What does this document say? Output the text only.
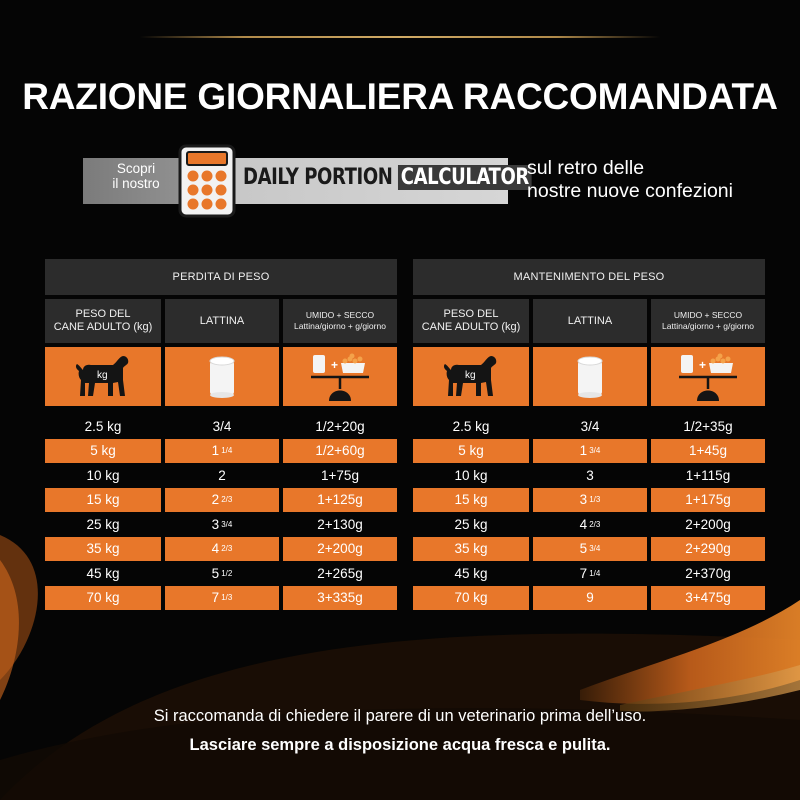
RAZIONE GIORNALIERA RACCOMANDATA
Scopri
il nostro	DAILY PORTION CALCULATOR
sul retro delle
nostre nuove confezioni
PERDITA DI PESO
PESO DEL
CANE ADULTO (kg)
LATTINA	UMIDO + SECCO
Lattina/giorno + g/giorno
kg
+
2.5 kg	3/4	1/2+20g
5 kg	1 1/4	1/2+60g
10 kg	2	1+75g
15 kg	2 2/3	1+125g
25 kg	3 3/4	2+130g
35 kg	4 2/3	2+200g
45 kg	5 1/2	2+265g
70 kg	7 1/3	3+335g
MANTENIMENTO DEL PESO
PESO DEL
CANE ADULTO (kg)
LATTINA	UMIDO + SECCO
Lattina/giorno + g/giorno
kg
+
2.5 kg	3/4	1/2+35g
5 kg	1 3/4	1+45g
10 kg	3	1+115g
15 kg	3 1/3	1+175g
25 kg	4 2/3	2+200g
35 kg	5 3/4	2+290g
45 kg	7 1/4	2+370g
70 kg	9	3+475g
Si raccomanda di chiedere il parere di un veterinario prima dell’uso.
Lasciare sempre a disposizione acqua fresca e pulita.
